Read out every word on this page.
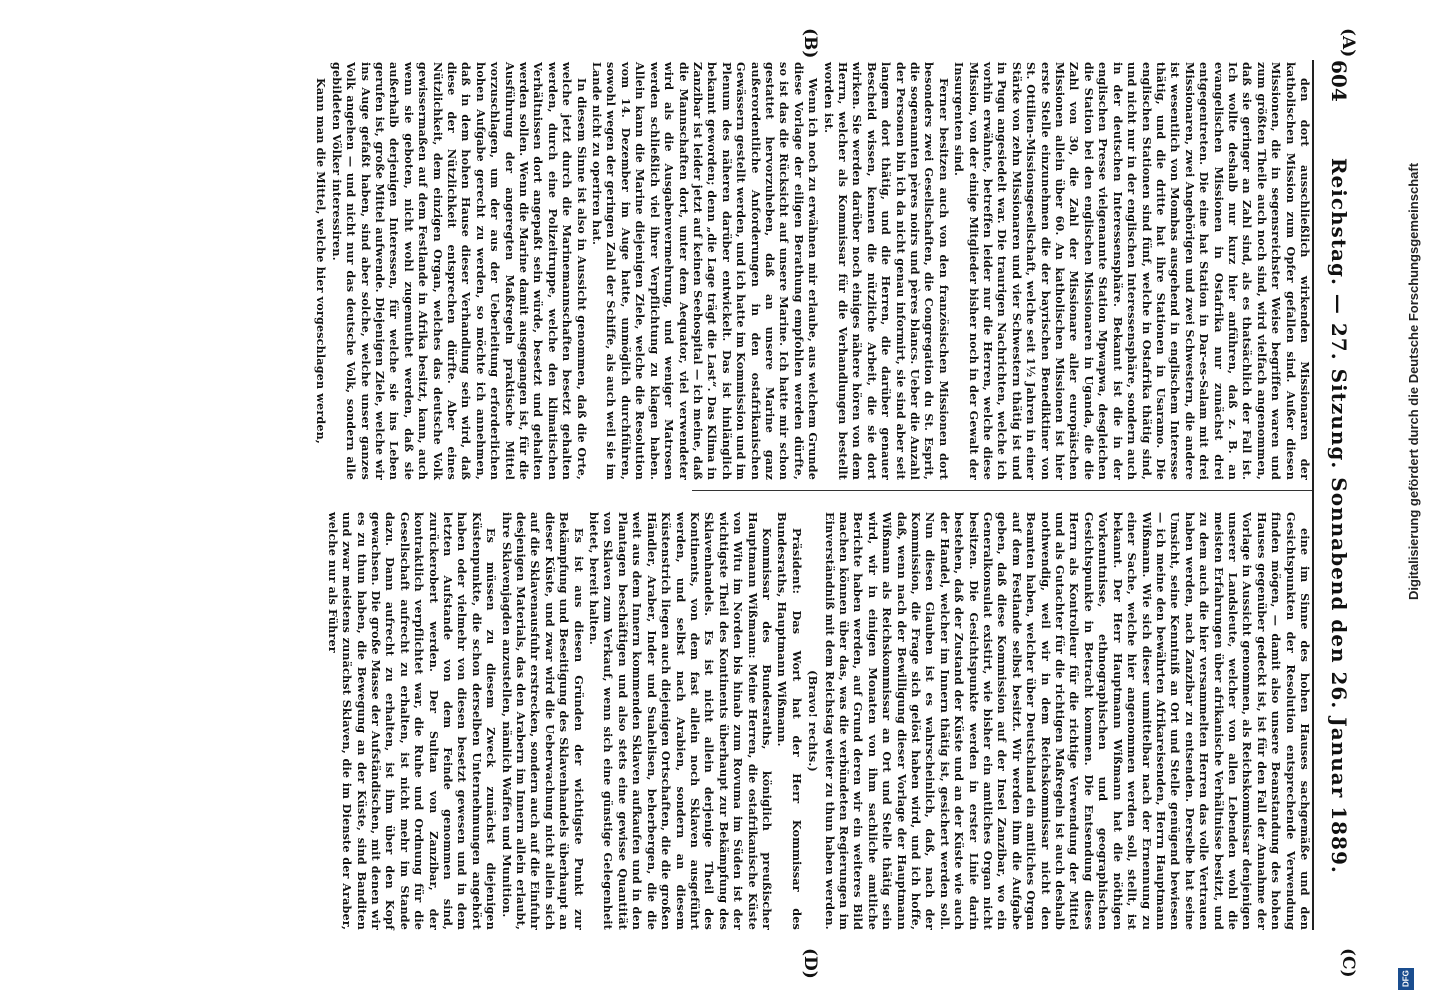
604
Reichstag. — 27. Sitzung. Sonnabend den 26. Januar 1889.
(A)
(B)
(C)
(D)

den dort ausschließlich wirkenden Missionaren der katholischen Mission zum Opfer gefallen sind. Außer diesen Missionen, die in segensreichster Weise begriffen waren und zum größten Theile auch noch sind, wird vielfach angenommen, daß sie geringer an Zahl sind, als es thatsächlich der Fall ist. Ich wollte deshalb nur kurz hier anführen, daß z. B. an evangelischen Missionen in Ostafrika nur zunächst drei entgegentreten. Die eine hat Station in Dar-es-Salam mit drei Missionaren, zwei Angehörigen und zwei Schwestern, die andere ist wesentlich von Mombas ausgehend in englischem Interesse thätig, und die dritte hat ihre Stationen in Usaramo. Die englischen Stationen sind fünf, welche in Ostafrika thätig sind, und nicht nur in der englischen Interessensphäre, sondern auch in der deutschen Interessensphäre. Bekannt ist die in der englischen Presse vielgenannte Station Mpwapwa, desgleichen die Station bei den englischen Missionaren in Uganda, die die Zahl von 30, die Zahl der Missionare aller europäischen Missionen allein über 60. An katholischen Missionen ist hier erste Stelle einzunehmen die der bayrischen Benediktiner von St. Ottilien-Missionsgesellschaft, welche seit 1½ Jahren in einer Stärke von zehn Missionaren und vier Schwestern thätig ist und in Pugu angesiedelt war. Die traurigen Nachrichten, welche ich vorhin erwähnte, betreffen leider nur die Herren, welche diese Mission, von der einige Mitglieder bisher noch in der Gewalt der Insurgenten sind.

Ferner besitzen auch von den französischen Missionen dort besonders zwei Gesellschaften, die Congregation du St. Esprit, die sogenannten pères noirs und pères blancs. Ueber die Anzahl der Personen bin ich da nicht genau informirt, sie sind aber seit langem dort thätig, und die Herren, die darüber genauer Bescheid wissen, kennen die nützliche Arbeit, die sie dort wirken. Sie werden darüber noch einiges nähere hören von dem Herrn, welcher als Kommissar für die Verhandlungen bestellt worden ist.

Wenn ich noch zu erwähnen mir erlaube, aus welchem Grunde diese Vorlage der eiligen Berathung empfohlen werden dürfte, so ist das die Rücksicht auf unsere Marine. Ich hatte mir schon gestattet hervorzuheben, daß an unsere Marine ganz außerordentliche Anforderungen in den ostafrikanischen Gewässern gestellt werden, und ich hatte im Kommission und im Plenum des näheren darüber entwickelt. Das ist hinlänglich bekannt geworden; denn „die Lage trägt die Last“. Das Klima in Zanzibar ist leider jetzt auf keinen Seehospital — ich meine, daß die Mannschaften dort, unter dem Aequator, viel verwendeter wird als die Ausgabenvermehrung, und weniger Matrosen werden schließlich viel ihrer Verpflichtung zu klagen haben. Allein kann die Marine diejenigen Ziele, welche die Resolution vom 14. Dezember im Auge hatte, unmöglich durchführen, sowohl wegen der geringen Zahl der Schiffe, als auch weil sie im Lande nicht zu operiren hat.

In diesem Sinne ist also in Aussicht genommen, daß die Orte, welche jetzt durch die Marinemannschaften besetzt gehalten werden, durch eine Polizeitruppe, welche den klimatischen Verhältnissen dort angepaßt sein würde, besetzt und gehalten werden sollen. Wenn die Marine damit ausgegangen ist, für die Ausführung der angeregten Maßregeln praktische Mittel vorzuschlagen, um der aus der Ueberleitung erforderlichen hohen Aufgabe gerecht zu werden, so möchte ich annehmen, daß in dem hohen Hause dieser Verhandlung sein wird, daß diese der Nützlichkeit entsprechen dürfte. Aber eines Nützlichkeit, dem einzigen Organ, welches das deutsche Volk gewissermaßen auf dem Festlande in Afrika besitzt, kann, auch wenn sie geboten, nicht wohl zugemuthet werden, daß sie außerhalb derjenigen Interessen, für welche sie ins Leben gerufen ist, große Mittel aufwende. Diejenigen Ziele, welche wir ins Auge gefaßt haben, sind aber solche, welche unser ganzes Volk angehen — und nicht nur das deutsche Volk, sondern alle gebildeten Völker interessiren.

Kann man die Mittel, welche hier vorgeschlagen werden,

eine im Sinne des hohen Hauses sachgemäße und den Gesichtspunkten der Resolution entsprechende Verwendung finden mögen, — damit also unsere Beanstandung des hohen Hauses gegenüber gedeckt ist, ist für den Fall der Annahme der Vorlage in Aussicht genommen, als Reichskommissar denjenigen unserer Landsleute, welcher von allen Lebenden wohl die meisten Erfahrungen über afrikanische Verhältnisse besitzt, und zu dem auch die hier versammelten Herren das volle Vertrauen haben werden, nach Zanzibar zu entsenden. Derselbe hat seine Umsicht, seine Kenntniß an Ort und Stelle genügend bewiesen — ich meine den bewährten Afrikareisenden, Herrn Hauptmann Wißmann. Wie sich dieser unmittelbar nach der Ernennung zu einer Sache, welche hier angenommen werden soll, stellt, ist bekannt. Der Herr Hauptmann Wißmann hat die nöthigen Vorkenntnisse, ethnographischen und geographischen Gesichtspunkte in Betracht kommen. Die Entsendung dieses Herrn als Kontrolleur für die richtige Verwendung der Mittel und als Gutachter für die richtigen Maßregeln ist auch deshalb nothwendig, weil wir in dem Reichskommissar nicht den Beamten haben, welcher über Deutschland ein amtliches Organ auf dem Festlande selbst besitzt. Wir werden ihm die Aufgabe geben, daß diese Kommission auf der Insel Zanzibar, wo ein Generalkonsulat existirt, wie bisher ein amtliches Organ nicht besitzen. Die Gesichtspunkte werden in erster Linie darin bestehen, daß der Zustand der Küste und an der Küste wie auch der Handel, welcher im Innern thätig ist, gesichert werden soll. Nun diesen Glauben ist es wahrscheinlich, daß, nach der Kommission, die Frage sich gelöst haben wird, und ich hoffe, daß, wenn nach der Bewilligung dieser Vorlage der Hauptmann Wißmann als Reichskommissar an Ort und Stelle thätig sein wird, wir in einigen Monaten von ihm sachliche amtliche Berichte haben werden, auf Grund deren wir ein weiteres Bild machen können über das, was die verbündeten Regierungen im Einverständniß mit dem Reichstag weiter zu thun haben werden.

(Bravo! rechts.)

Präsident: Das Wort hat der Herr Kommissar des Bundesraths, Hauptmann Wißmann.

Kommissar des Bundesraths, königlich preußischer Hauptmann Wißmann: Meine Herren, die ostafrikanische Küste von Witu im Norden bis hinab zum Rovuma im Süden ist der wichtigste Theil des Kontinents überhaupt zur Bekämpfung des Sklavenhandels. Es ist nicht allein derjenige Theil des Kontinents, von dem fast allein noch Sklaven ausgeführt werden, und selbst nach Arabien, sondern an diesem Küstenstrich liegen auch diejenigen Ortschaften, die die großen Händler, Araber, Inder und Suahelisen, beherbergen, die die weit aus dem Innern kommenden Sklaven aufkaufen und in den Plantagen beschäftigen und also stets eine gewisse Quantität von Sklaven zum Verkauf, wenn sich eine günstige Gelegenheit bietet, bereit halten.

Es ist aus diesen Gründen der wichtigste Punkt zur Bekämpfung und Beseitigung des Sklavenhandels überhaupt an dieser Küste, und zwar wird die Ueberwachung nicht allein sich auf die Sklavenausfuhr erstrecken, sondern auch auf die Einfuhr desjenigen Materials, das den Arabern im Innern allein erlaubt, ihre Sklavenjagden anzustellen, nämlich Waffen und Munition.

Es müssen zu diesem Zweck zunächst diejenigen Küstenpunkte, die schon derselben Unternehmungen angehört haben oder vielmehr von diesen besetzt gewesen und in dem letzten Aufstande von dem Feinde genommen sind, zurückerobert werden. Der Sultan von Zanzibar, der kontraktlich verpflichtet war, die Ruhe und Ordnung für die Gesellschaft aufrecht zu erhalten, ist nicht mehr im Stande dazu. Dann aufrecht zu erhalten, ist ihm über den Kopf gewachsen. Die große Masse der Aufständischen, mit denen wir es zu thun haben, die Bewegung an der Küste, sind Banditen und zwar meistens zunächst Sklaven, die im Dienste der Araber, welche nur als Führer	Digitalisierung gefördert durch die Deutsche Forschungsgemeinschaft
DFG
